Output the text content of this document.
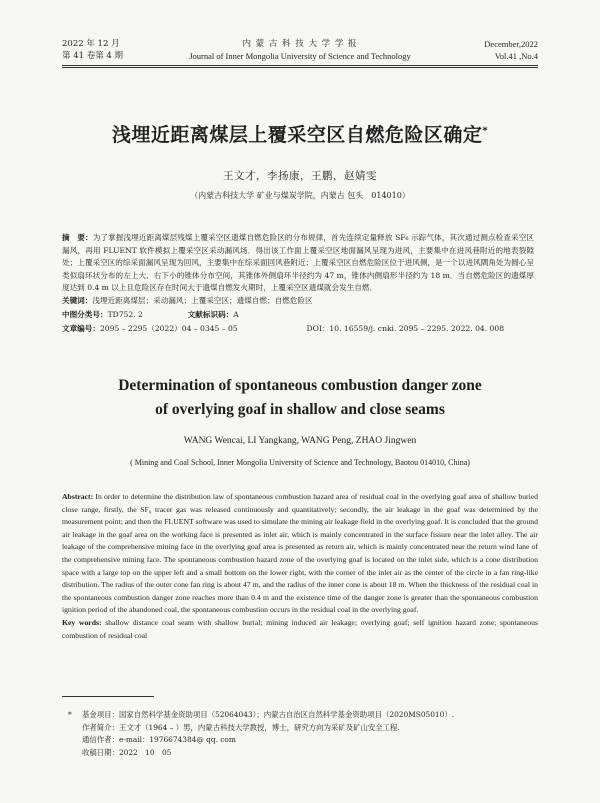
2022 年 12 月
第 41 卷第 4 期
内 蒙 古 科 技 大 学 学 报
Journal of Inner Mongolia University of Science and Technology
December,2022
Vol.41 ,No.4
浅埋近距离煤层上覆采空区自燃危险区确定*
王文才，李扬康，王鹏，赵婧雯
（内蒙古科技大学 矿业与煤炭学院，内蒙古 包头　014010）

摘　要：为了掌握浅埋近距离煤层残煤上覆采空区遗煤自燃危险区的分布规律，首先连续定量释放 SF₆ 示踪气体，其次通过测点检查采空区漏风，再用 FLUENT 软件模拟上覆采空区采动漏风场．得出该工作面上覆采空区地面漏风呈现为进风，主要集中在进风巷附近的地表裂隙处；上覆采空区的综采面漏风呈现为回风，主要集中在综采面回风巷附近；上覆采空区自燃危险区位于进风侧，是一个以进风隅角处为圆心呈类似扇环状分布的左上大、右下小的锥体分布空间，其锥体外侧扇环半径约为 47 m，锥体内侧扇形半径约为 18 m．当自燃危险区的遗煤厚度达到 0.4 m 以上且危险区存在时间大于遗煤自燃发火期时，上覆采空区遗煤就会发生自燃．

关键词：浅埋近距离煤层；采动漏风；上覆采空区；遗煤自燃；自燃危险区

中图分类号：TD752. 2	文献标识码：A
文章编号：2095 – 2295（2022）04 – 0345 – 05	DOI：10. 16559/j. cnki. 2095 – 2295. 2022. 04. 008
Determination of spontaneous combustion danger zone
of overlying goaf in shallow and close seams
WANG Wencai, LI Yangkang, WANG Peng, ZHAO Jingwen
( Mining and Coal School, Inner Mongolia University of Science and Technology, Baotou 014010, China)

Abstract: In order to determine the distribution law of spontaneous combustion hazard area of residual coal in the overlying goaf area of shallow buried close range, firstly, the SF₆ tracer gas was released continuously and quantitatively; secondly, the air leakage in the goaf was determined by the measurement point; and then the FLUENT software was used to simulate the mining air leakage field in the overlying goaf. It is concluded that the ground air leakage in the goaf area on the working face is presented as inlet air, which is mainly concentrated in the surface fissure near the inlet alley. The air leakage of the comprehensive mining face in the overlying goaf area is presented as return air, which is mainly concentrated near the return wind lane of the comprehensive mining face. The spontaneous combustion hazard zone of the overlying goaf is located on the inlet side, which is a cone distribution space with a large top on the upper left and a small bottom on the lower right, with the corner of the inlet air as the center of the circle in a fan ring-like distribution. The radius of the outer cone fan ring is about 47 m, and the radius of the inner cone is about 18 m. When the thickness of the residual coal in the spontaneous combustion danger zone reaches more than 0.4 m and the existence time of the danger zone is greater than the spontaneous combustion ignition period of the abandoned coal, the spontaneous combustion occurs in the residual coal in the overlying goaf.
Key words: shallow distance coal seam with shallow burial; mining induced air leakage; overlying goaf; self ignition hazard zone; spontaneous combustion of residual coal

* 基金项目：国家自然科学基金资助项目（52064043）；内蒙古自治区自然科学基金资助项目（2020MS05010）.
作者简介：王文才（1964 – ）男，内蒙古科技大学教授，博士，研究方向为采矿及矿山安全工程.
通信作者：e-mail：1976674384@ qq. com
收稿日期：2022　10　05
